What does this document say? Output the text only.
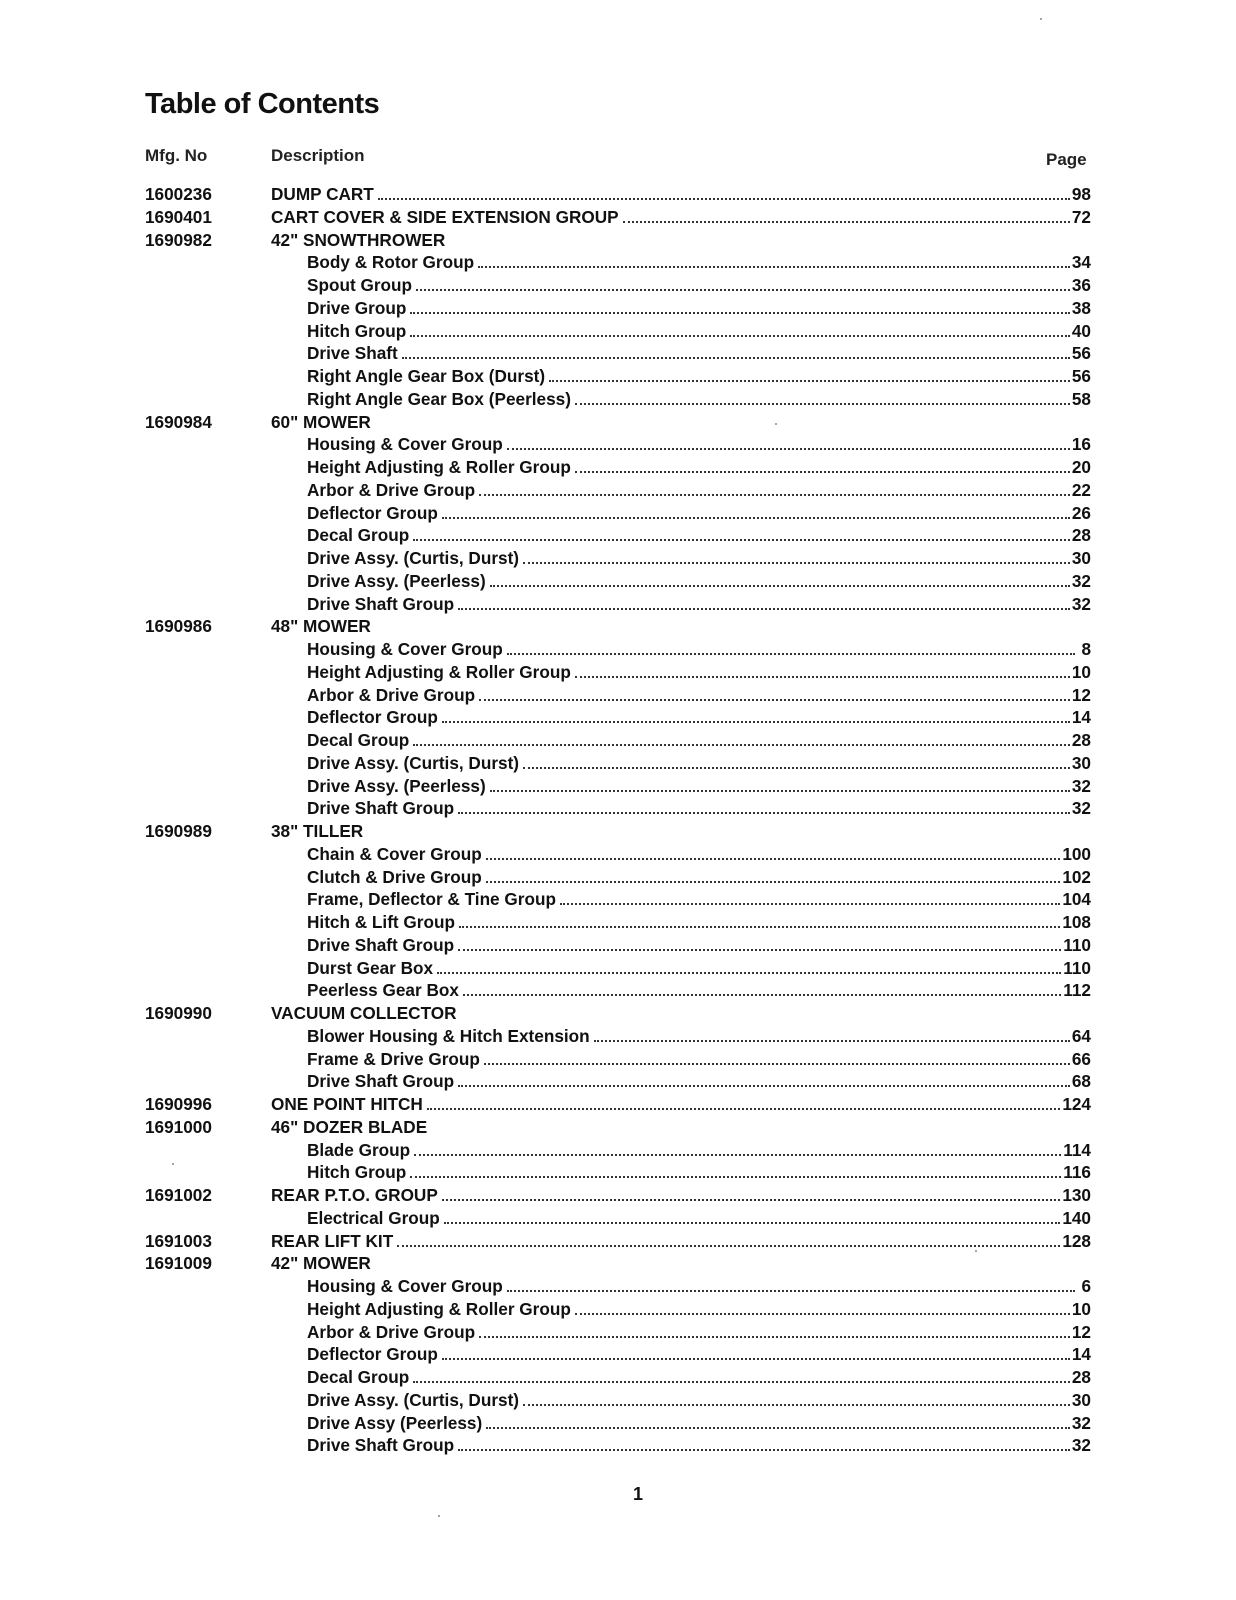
Table of Contents
Mfg. No	Description	Page
1600236	DUMP CART	98
1690401	CART COVER & SIDE EXTENSION GROUP	72
1690982	42" SNOWTHROWER
Body & Rotor Group	34
Spout Group	36
Drive Group	38
Hitch Group	40
Drive Shaft	56
Right Angle Gear Box (Durst)	56
Right Angle Gear Box (Peerless)	58
1690984	60" MOWER
Housing & Cover Group	16
Height Adjusting & Roller Group	20
Arbor & Drive Group	22
Deflector Group	26
Decal Group	28
Drive Assy. (Curtis, Durst)	30
Drive Assy. (Peerless)	32
Drive Shaft Group	32
1690986	48" MOWER
Housing & Cover Group	8
Height Adjusting & Roller Group	10
Arbor & Drive Group	12
Deflector Group	14
Decal Group	28
Drive Assy. (Curtis, Durst)	30
Drive Assy. (Peerless)	32
Drive Shaft Group	32
1690989	38" TILLER
Chain & Cover Group	100
Clutch & Drive Group	102
Frame, Deflector & Tine Group	104
Hitch & Lift Group	108
Drive Shaft Group	110
Durst Gear Box	110
Peerless Gear Box	112
1690990	VACUUM COLLECTOR
Blower Housing & Hitch Extension	64
Frame & Drive Group	66
Drive Shaft Group	68
1690996	ONE POINT HITCH	124
1691000	46" DOZER BLADE
Blade Group	114
Hitch Group	116
1691002	REAR P.T.O. GROUP	130
Electrical Group	140
1691003	REAR LIFT KIT	128
1691009	42" MOWER
Housing & Cover Group	6
Height Adjusting & Roller Group	10
Arbor & Drive Group	12
Deflector Group	14
Decal Group	28
Drive Assy. (Curtis, Durst)	30
Drive Assy (Peerless)	32
Drive Shaft Group	32
1
